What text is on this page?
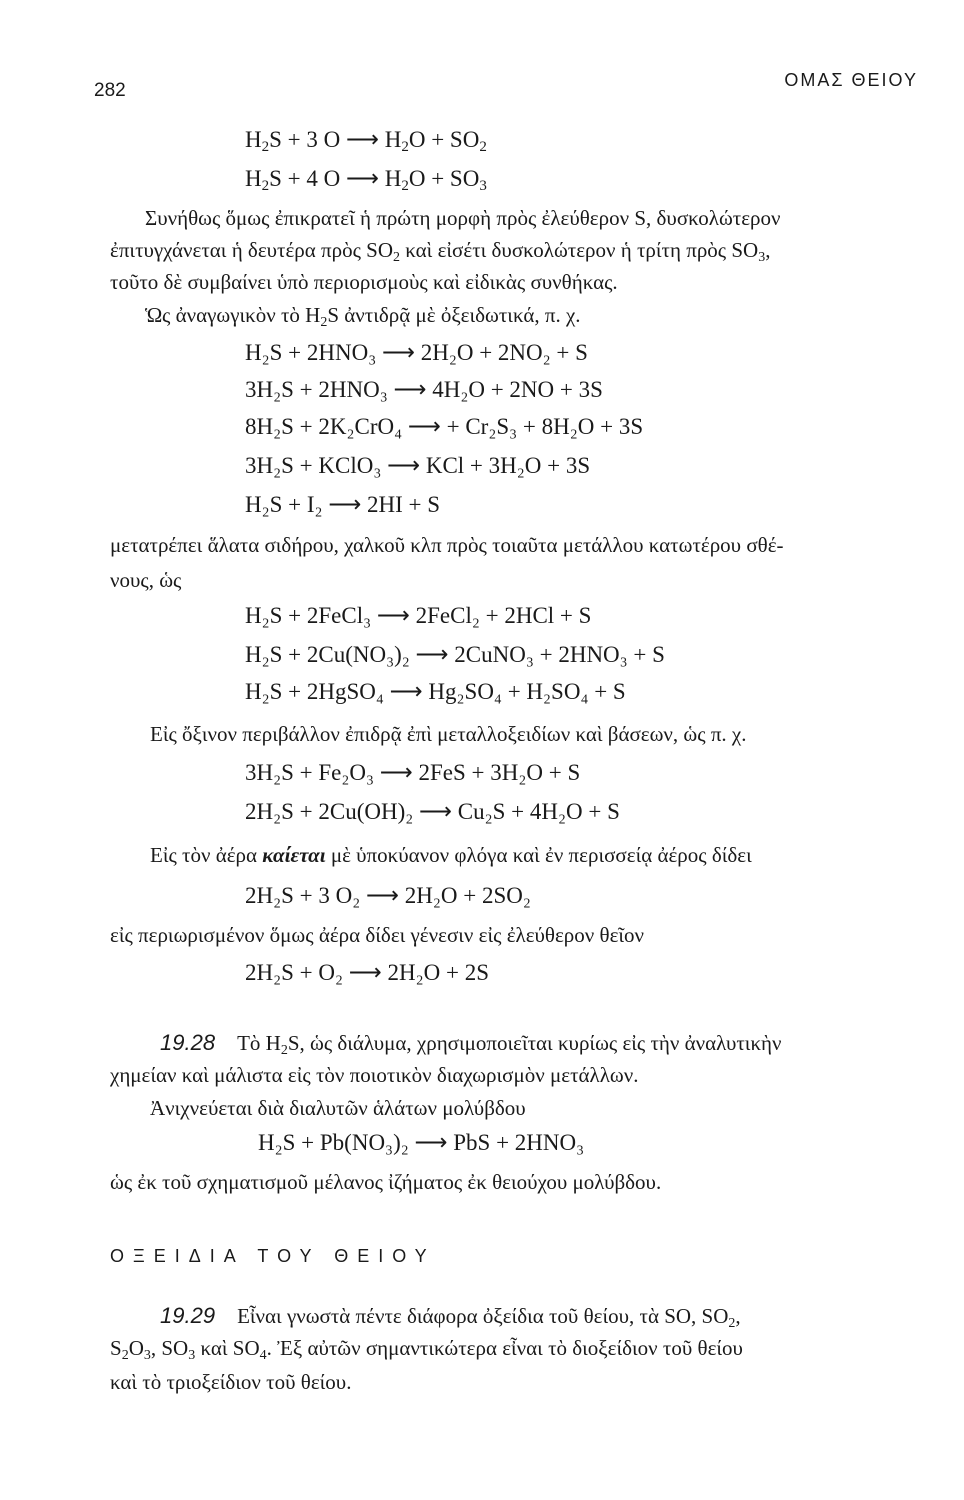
282	ΟΜΑΣ ΘΕΙΟΥ
$H_2S + 3$ O ⟶ $H_2O + SO_2$
$H_2S + 4$ O ⟶ $H_2O + SO_3$
Συνήθως ὅμως ἐπικρατεῖ ἡ πρώτη μορφὴ πρὸς ἐλεύθερον S, δυσκολώτερον
ἐπιτυγχάνεται ἡ δευτέρα πρὸς $SO_2$ καὶ εἰσέτι δυσκολώτερον ἡ τρίτη πρὸς $SO_3$,
τοῦτο δὲ συμβαίνει ὑπὸ περιορισμοὺς καὶ εἰδικὰς συνθήκας.
Ὡς ἀναγωγικὸν τὸ $H_2S$ ἀντιδρᾷ μὲ ὀξειδωτικά, π. χ.
H₂S + 2HNO₃ ⟶ 2H₂O + 2NO₂ + S
3H₂S + 2HNO₃ ⟶ 4H₂O + 2NO + 3S
8H₂S + 2K₂CrO₄ ⟶ + Cr₂S₃ + 8H₂O + 3S
3H₂S + KClO₃ ⟶ KCl + 3H₂O + 3S
H₂S + I₂ ⟶ 2HI + S
μετατρέπει ἅλατα σιδήρου, χαλκοῦ κλπ πρὸς τοιαῦτα μετάλλου κατωτέρου σθέ-
νους, ὡς
H₂S + 2FeCl₃ ⟶ 2FeCl₂ + 2HCl + S
H₂S + 2Cu(NO₃)₂ ⟶ 2CuNO₃ + 2HNO₃ + S
H₂S + 2HgSO₄ ⟶ Hg₂SO₄ + H₂SO₄ + S
Εἰς ὄξινον περιβάλλον ἐπιδρᾷ ἐπὶ μεταλλοξειδίων καὶ βάσεων, ὡς π. χ.
3H₂S + Fe₂O₃ ⟶ 2FeS + 3H₂O + S
2H₂S + 2Cu(OH)₂ ⟶ Cu₂S + 4H₂O + S
Εἰς τὸν ἀέρα καίεται μὲ ὑποκύανον φλόγα καὶ ἐν περισσείᾳ ἀέρος δίδει
2H₂S + 3 O₂ ⟶ 2H₂O + 2SO₂
εἰς περιωρισμένον ὅμως ἀέρα δίδει γένεσιν εἰς ἐλεύθερον θεῖον
2H₂S + O₂ ⟶ 2H₂O + 2S
19.28 Τὸ $H_2S$, ὡς διάλυμα, χρησιμοποιεῖται κυρίως εἰς τὴν ἀναλυτικὴν
χημείαν καὶ μάλιστα εἰς τὸν ποιοτικὸν διαχωρισμὸν μετάλλων.
Ἀνιχνεύεται διὰ διαλυτῶν ἁλάτων μολύβδου
H₂S + Pb(NO₃)₂ ⟶ PbS + 2HNO₃
ὡς ἐκ τοῦ σχηματισμοῦ μέλανος ἰζήματος ἐκ θειούχου μολύβδου.
ΟΞΕΙΔΙΑ ΤΟΥ ΘΕΙΟΥ
19.29 Εἶναι γνωστὰ πέντε διάφορα ὀξείδια τοῦ θείου, τὰ SO, $SO_2$,
$S_2O_3$, $SO_3$ καὶ $SO_4$. Ἐξ αὐτῶν σημαντικώτερα εἶναι τὸ διοξείδιον τοῦ θείου
καὶ τὸ τριοξείδιον τοῦ θείου.
